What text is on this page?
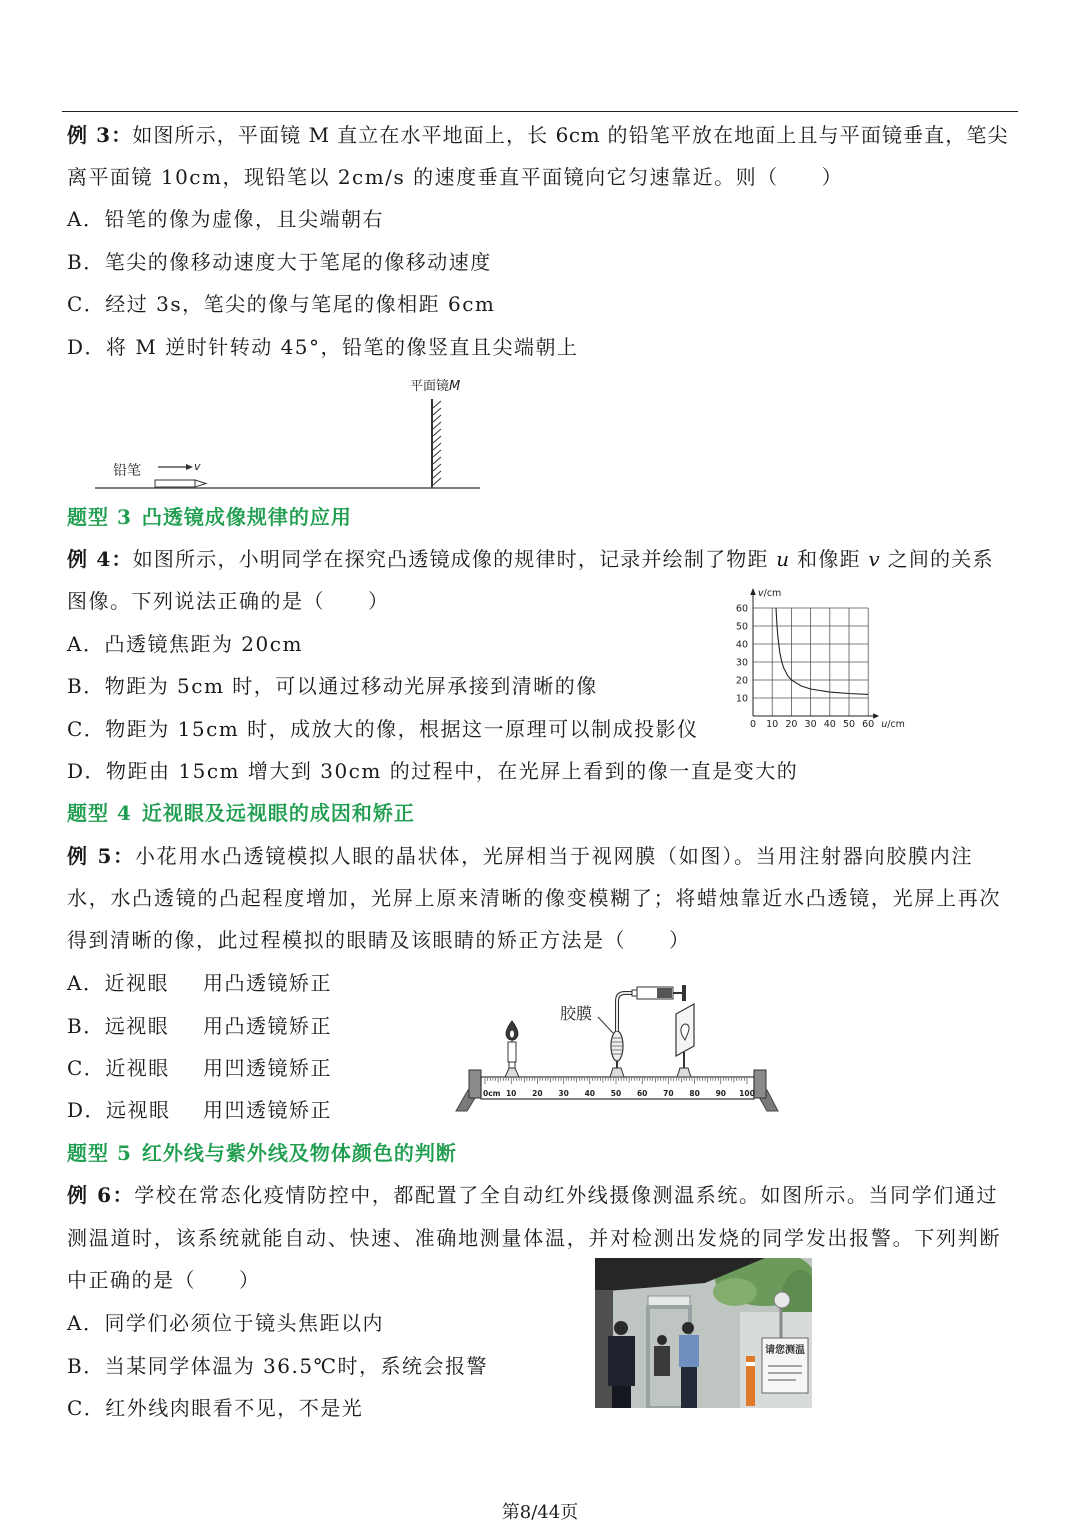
例 3：如图所示，平面镜 M 直立在水平地面上，长 6cm 的铅笔平放在地面上且与平面镜垂直，笔尖
离平面镜 10cm，现铅笔以 2cm/s 的速度垂直平面镜向它匀速靠近。则（　　）
A．铅笔的像为虚像，且尖端朝右
B．笔尖的像移动速度大于笔尾的像移动速度
C．经过 3s，笔尖的像与笔尾的像相距 6cm
D．将 M 逆时针转动 45°，铅笔的像竖直且尖端朝上
平面镜M
铅笔	v
题型 3 凸透镜成像规律的应用
例 4：如图所示，小明同学在探究凸透镜成像的规律时，记录并绘制了物距 u 和像距 v 之间的关系
图像。下列说法正确的是（　　）
A．凸透镜焦距为 20cm
B．物距为 5cm 时，可以通过移动光屏承接到清晰的像
C．物距为 15cm 时，成放大的像，根据这一原理可以制成投影仪
D．物距由 15cm 增大到 30cm 的过程中，在光屏上看到的像一直是变大的
10
20
30
40
50
60
0 10 20 30 40 50 60 u/cm
v/cm
题型 4 近视眼及远视眼的成因和矫正
例 5：小花用水凸透镜模拟人眼的晶状体，光屏相当于视网膜（如图）。当用注射器向胶膜内注
水，水凸透镜的凸起程度增加，光屏上原来清晰的像变模糊了；将蜡烛靠近水凸透镜，光屏上再次
得到清晰的像，此过程模拟的眼睛及该眼睛的矫正方法是（　　）
A．近视眼 用凸透镜矫正
B．远视眼 用凸透镜矫正
C．近视眼 用凹透镜矫正
D．远视眼 用凹透镜矫正
胶膜
0cm 10 20 30 40 50 60 70 80 90 100
题型 5 红外线与紫外线及物体颜色的判断
例 6：学校在常态化疫情防控中，都配置了全自动红外线摄像测温系统。如图所示。当同学们通过
测温道时，该系统就能自动、快速、准确地测量体温，并对检测出发烧的同学发出报警。下列判断
中正确的是（　　）
A．同学们必须位于镜头焦距以内
B．当某同学体温为 36.5℃时，系统会报警
C．红外线肉眼看不见，不是光
请您测温
第8/44页
